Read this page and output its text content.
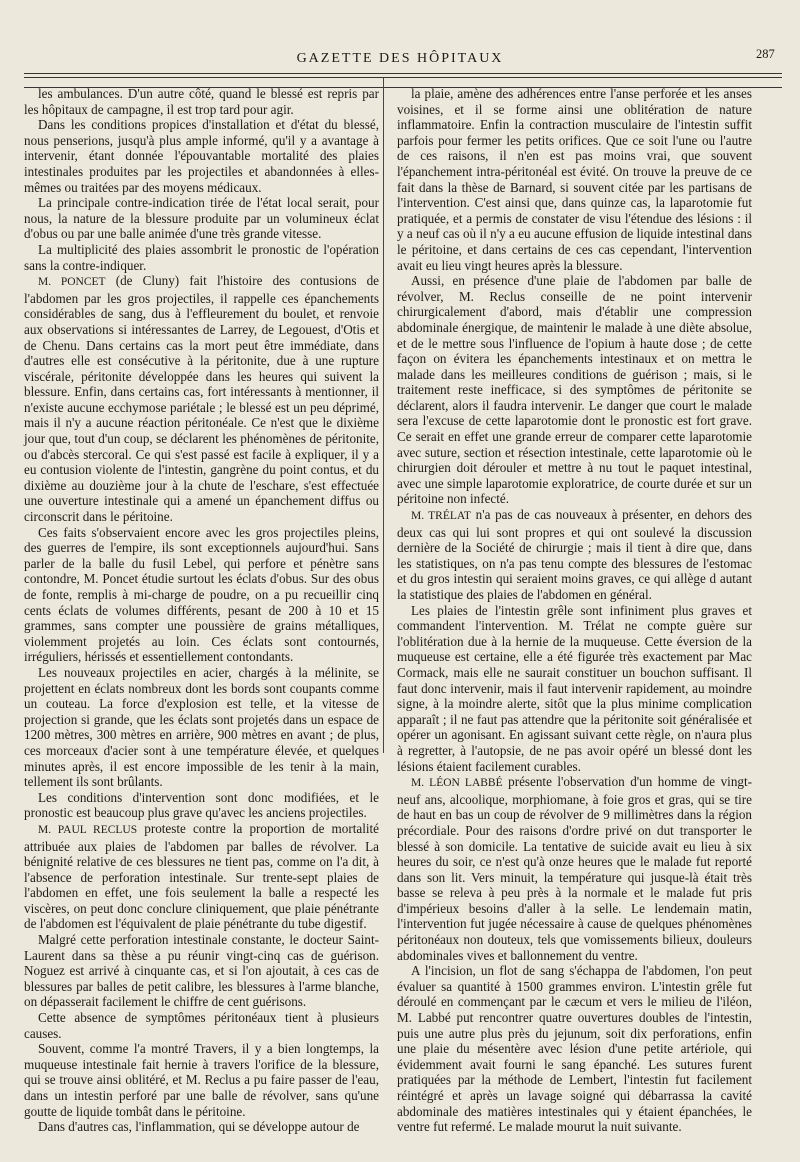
GAZETTE DES HÔPITAUX	287

les ambulances. D'un autre côté, quand le blessé est repris par les hôpitaux de campagne, il est trop tard pour agir.

Dans les conditions propices d'installation et d'état du blessé, nous penserions, jusqu'à plus ample informé, qu'il y a avantage à intervenir, étant donnée l'épouvantable mortalité des plaies intestinales produites par les projectiles et abandonnées à elles-mêmes ou traitées par des moyens médicaux.

La principale contre-indication tirée de l'état local serait, pour nous, la nature de la blessure produite par un volumineux éclat d'obus ou par une balle animée d'une très grande vitesse.

La multiplicité des plaies assombrit le pronostic de l'opération sans la contre-indiquer.

M. PONCET (de Cluny) fait l'histoire des contusions de l'abdomen par les gros projectiles, il rappelle ces épanchements considérables de sang, dus à l'effleurement du boulet, et renvoie aux observations si intéressantes de Larrey, de Legouest, d'Otis et de Chenu. Dans certains cas la mort peut être immédiate, dans d'autres elle est consécutive à la péritonite, due à une rupture viscérale, péritonite développée dans les heures qui suivent la blessure. Enfin, dans certains cas, fort intéressants à mentionner, il n'existe aucune ecchymose pariétale ; le blessé est un peu déprimé, mais il n'y a aucune réaction péritonéale. Ce n'est que le dixième jour que, tout d'un coup, se déclarent les phénomènes de péritonite, ou d'abcès stercoral. Ce qui s'est passé est facile à expliquer, il y a eu contusion violente de l'intestin, gangrène du point contus, et du dixième au douzième jour à la chute de l'eschare, s'est effectuée une ouverture intestinale qui a amené un épanchement diffus ou circonscrit dans le péritoine.

Ces faits s'observaient encore avec les gros projectiles pleins, des guerres de l'empire, ils sont exceptionnels aujourd'hui. Sans parler de la balle du fusil Lebel, qui perfore et pénètre sans contondre, M. Poncet étudie surtout les éclats d'obus. Sur des obus de fonte, remplis à mi-charge de poudre, on a pu recueillir cinq cents éclats de volumes différents, pesant de 200 à 10 et 15 grammes, sans compter une poussière de grains métalliques, violemment projetés au loin. Ces éclats sont contournés, irréguliers, hérissés et essentiellement contondants.

Les nouveaux projectiles en acier, chargés à la mélinite, se projettent en éclats nombreux dont les bords sont coupants comme un couteau. La force d'explosion est telle, et la vitesse de projection si grande, que les éclats sont projetés dans un espace de 1200 mètres, 300 mètres en arrière, 900 mètres en avant ; de plus, ces morceaux d'acier sont à une température élevée, et quelques minutes après, il est encore impossible de les tenir à la main, tellement ils sont brûlants.

Les conditions d'intervention sont donc modifiées, et le pronostic est beaucoup plus grave qu'avec les anciens projectiles.

M. PAUL RECLUS proteste contre la proportion de mortalité attribuée aux plaies de l'abdomen par balles de révolver. La bénignité relative de ces blessures ne tient pas, comme on l'a dit, à l'absence de perforation intestinale. Sur trente-sept plaies de l'abdomen en effet, une fois seulement la balle a respecté les viscères, on peut donc conclure cliniquement, que plaie pénétrante de l'abdomen est l'équivalent de plaie pénétrante du tube digestif.

Malgré cette perforation intestinale constante, le docteur Saint-Laurent dans sa thèse a pu réunir vingt-cinq cas de guérison. Noguez est arrivé à cinquante cas, et si l'on ajoutait, à ces cas de blessures par balles de petit calibre, les blessures à l'arme blanche, on dépasserait facilement le chiffre de cent guérisons.

Cette absence de symptômes péritonéaux tient à plusieurs causes.

Souvent, comme l'a montré Travers, il y a bien longtemps, la muqueuse intestinale fait hernie à travers l'orifice de la blessure, qui se trouve ainsi oblitéré, et M. Reclus a pu faire passer de l'eau, dans un intestin perforé par une balle de révolver, sans qu'une goutte de liquide tombât dans le péritoine.

Dans d'autres cas, l'inflammation, qui se développe autour de

la plaie, amène des adhérences entre l'anse perforée et les anses voisines, et il se forme ainsi une oblitération de nature inflammatoire. Enfin la contraction musculaire de l'intestin suffit parfois pour fermer les petits orifices. Que ce soit l'une ou l'autre de ces raisons, il n'en est pas moins vrai, que souvent l'épanchement intra-péritonéal est évité. On trouve la preuve de ce fait dans la thèse de Barnard, si souvent citée par les partisans de l'intervention. C'est ainsi que, dans quinze cas, la laparotomie fut pratiquée, et a permis de constater de visu l'étendue des lésions : il y a neuf cas où il n'y a eu aucune effusion de liquide intestinal dans le péritoine, et dans certains de ces cas cependant, l'intervention avait eu lieu vingt heures après la blessure.

Aussi, en présence d'une plaie de l'abdomen par balle de révolver, M. Reclus conseille de ne point intervenir chirurgicalement d'abord, mais d'établir une compression abdominale énergique, de maintenir le malade à une diète absolue, et de le mettre sous l'influence de l'opium à haute dose ; de cette façon on évitera les épanchements intestinaux et on mettra le malade dans les meilleures conditions de guérison ; mais, si le traitement reste inefficace, si des symptômes de péritonite se déclarent, alors il faudra intervenir. Le danger que court le malade sera l'excuse de cette laparotomie dont le pronostic est fort grave. Ce serait en effet une grande erreur de comparer cette laparotomie avec suture, section et résection intestinale, cette laparotomie où le chirurgien doit dérouler et mettre à nu tout le paquet intestinal, avec une simple laparotomie exploratrice, de courte durée et sur un péritoine non infecté.

M. TRÉLAT n'a pas de cas nouveaux à présenter, en dehors des deux cas qui lui sont propres et qui ont soulevé la discussion dernière de la Société de chirurgie ; mais il tient à dire que, dans les statistiques, on n'a pas tenu compte des blessures de l'estomac et du gros intestin qui seraient moins graves, ce qui allège d autant la statistique des plaies de l'abdomen en général.

Les plaies de l'intestin grêle sont infiniment plus graves et commandent l'intervention. M. Trélat ne compte guère sur l'oblitération due à la hernie de la muqueuse. Cette éversion de la muqueuse est certaine, elle a été figurée très exactement par Mac Cormack, mais elle ne saurait constituer un bouchon suffisant. Il faut donc intervenir, mais il faut intervenir rapidement, au moindre signe, à la moindre alerte, sitôt que la plus minime complication apparaît ; il ne faut pas attendre que la péritonite soit généralisée et opérer un agonisant. En agissant suivant cette règle, on n'aura plus à regretter, à l'autopsie, de ne pas avoir opéré un blessé dont les lésions étaient facilement curables.

M. LÉON LABBÉ présente l'observation d'un homme de vingt-neuf ans, alcoolique, morphiomane, à foie gros et gras, qui se tire de haut en bas un coup de révolver de 9 millimètres dans la région précordiale. Pour des raisons d'ordre privé on dut transporter le blessé à son domicile. La tentative de suicide avait eu lieu à six heures du soir, ce n'est qu'à onze heures que le malade fut reporté dans son lit. Vers minuit, la température qui jusque-là était très basse se releva à peu près à la normale et le malade fut pris d'impérieux besoins d'aller à la selle. Le lendemain matin, l'intervention fut jugée nécessaire à cause de quelques phénomènes péritonéaux non douteux, tels que vomissements bilieux, douleurs abdominales vives et ballonnement du ventre.

A l'incision, un flot de sang s'échappa de l'abdomen, l'on peut évaluer sa quantité à 1500 grammes environ. L'intestin grêle fut déroulé en commençant par le cæcum et vers le milieu de l'iléon, M. Labbé put rencontrer quatre ouvertures doubles de l'intestin, puis une autre plus près du jejunum, soit dix perforations, enfin une plaie du mésentère avec lésion d'une petite artériole, qui évidemment avait fourni le sang épanché. Les sutures furent pratiquées par la méthode de Lembert, l'intestin fut facilement réintégré et après un lavage soigné qui débarrassa la cavité abdominale des matières intestinales qui y étaient épanchées, le ventre fut refermé. Le malade mourut la nuit suivante.
